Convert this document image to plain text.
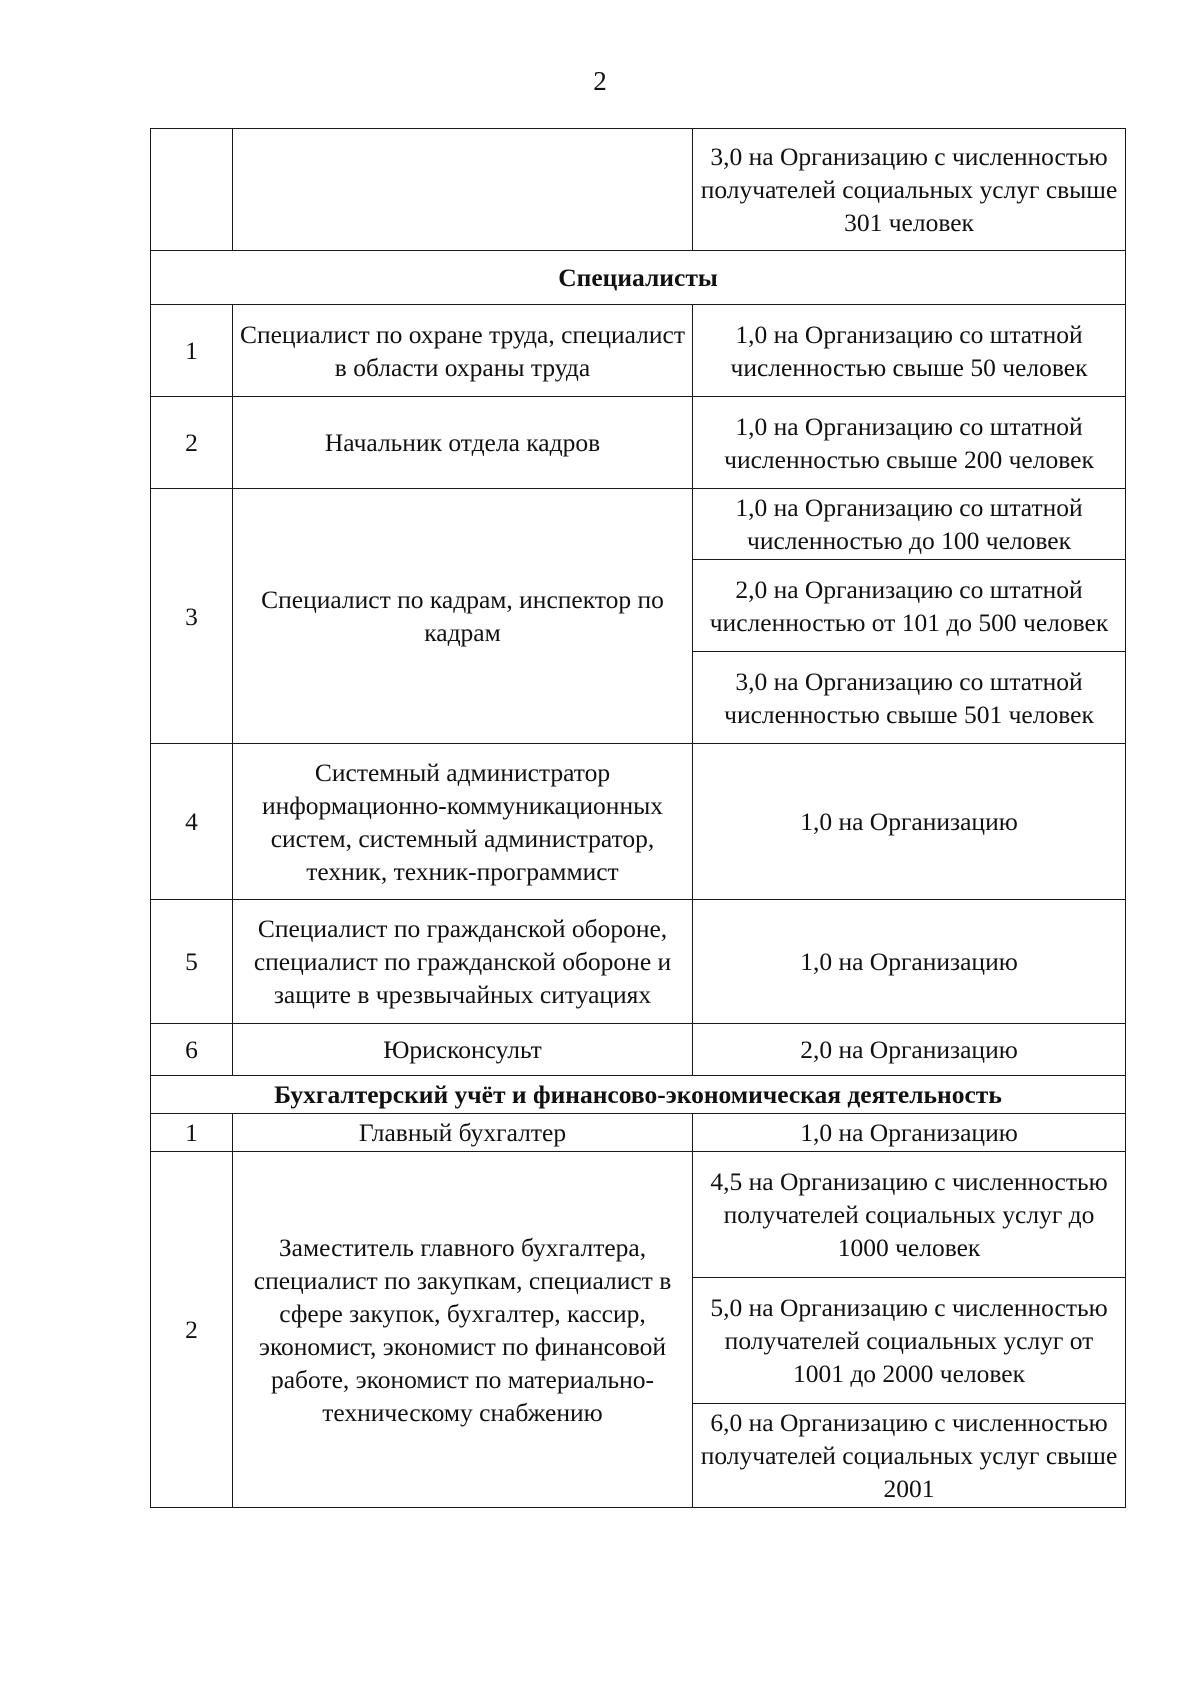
2
		3,0 на Организацию с численностью получателей социальных услуг свыше 301 человек
Специалисты		
1	Специалист по охране труда, специалист в области охраны труда	1,0 на Организацию со штатной численностью свыше 50 человек
2	Начальник отдела кадров	1,0 на Организацию со штатной численностью свыше 200 человек
3	Специалист по кадрам, инспектор по кадрам	1,0 на Организацию со штатной численностью до 100 человек
		2,0 на Организацию со штатной численностью от 101 до 500 человек
		3,0 на Организацию со штатной численностью свыше 501 человек
4	Системный администратор информационно-коммуникационных систем, системный администратор, техник, техник-программист	1,0 на Организацию
5	Специалист по гражданской обороне, специалист по гражданской обороне и защите в чрезвычайных ситуациях	1,0 на Организацию
6	Юрисконсульт	2,0 на Организацию
Бухгалтерский учёт и финансово-экономическая деятельность		
1	Главный бухгалтер	1,0 на Организацию
2	Заместитель главного бухгалтера, специалист по закупкам, специалист в сфере закупок, бухгалтер, кассир, экономист, экономист по финансовой работе, экономист по материально-техническому снабжению	4,5 на Организацию с численностью получателей социальных услуг до 1000 человек
		5,0 на Организацию с численностью получателей социальных услуг от 1001 до 2000 человек
		6,0 на Организацию с численностью получателей социальных услуг свыше 2001
